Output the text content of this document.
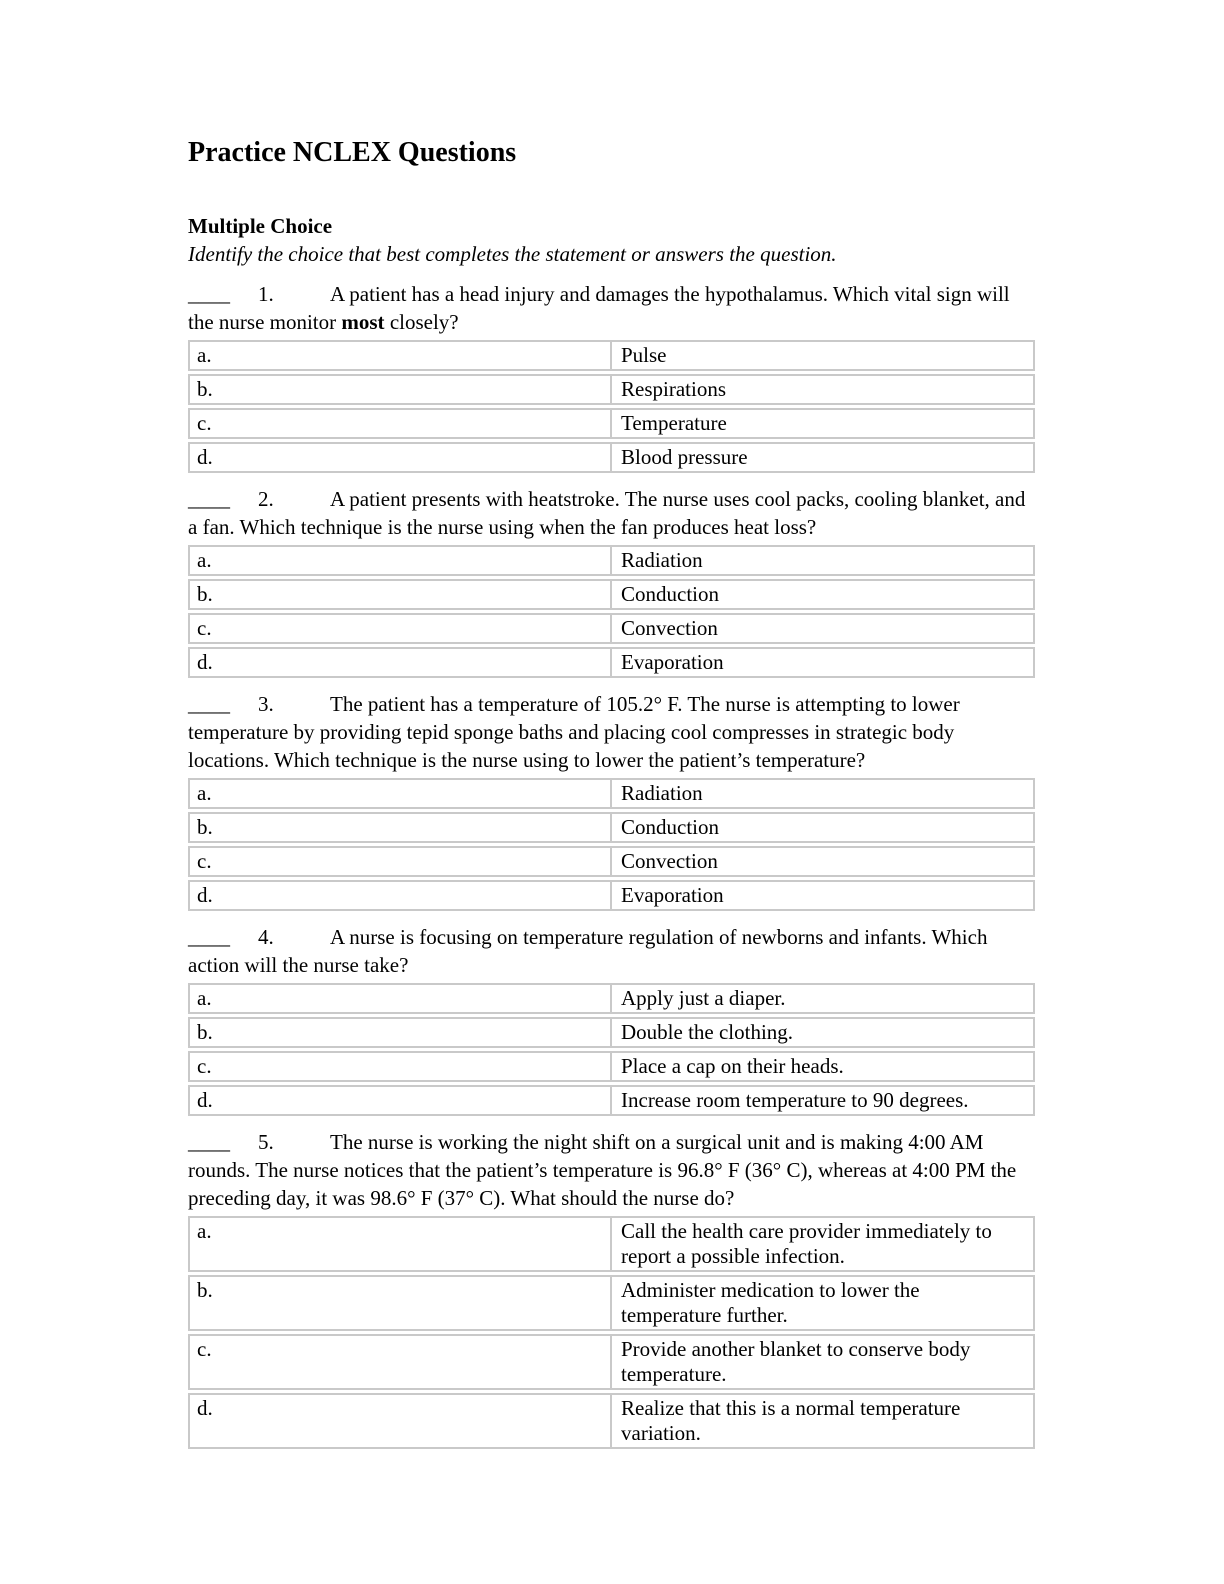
Practice NCLEX Questions
Multiple Choice

Identify the choice that best completes the statement or answers the question.

____ 1.	A patient has a head injury and damages the hypothalamus. Which vital sign will the nurse monitor most closely?

a.	Pulse
b.	Respirations
c.	Temperature
d.	Blood pressure

____ 2.	A patient presents with heatstroke. The nurse uses cool packs, cooling blanket, and a fan. Which technique is the nurse using when the fan produces heat loss?

a.	Radiation
b.	Conduction
c.	Convection
d.	Evaporation

____ 3.	The patient has a temperature of 105.2° F. The nurse is attempting to lower temperature by providing tepid sponge baths and placing cool compresses in strategic body locations. Which technique is the nurse using to lower the patient’s temperature?

a.	Radiation
b.	Conduction
c.	Convection
d.	Evaporation

____ 4.	A nurse is focusing on temperature regulation of newborns and infants. Which action will the nurse take?

a.	Apply just a diaper.
b.	Double the clothing.
c.	Place a cap on their heads.
d.	Increase room temperature to 90 degrees.

____ 5.	The nurse is working the night shift on a surgical unit and is making 4:00 AM rounds. The nurse notices that the patient’s temperature is 96.8° F (36° C), whereas at 4:00 PM the preceding day, it was 98.6° F (37° C). What should the nurse do?

a.	Call the health care provider immediately to report a possible infection.
b.	Administer medication to lower the temperature further.
c.	Provide another blanket to conserve body temperature.
d.	Realize that this is a normal temperature variation.
